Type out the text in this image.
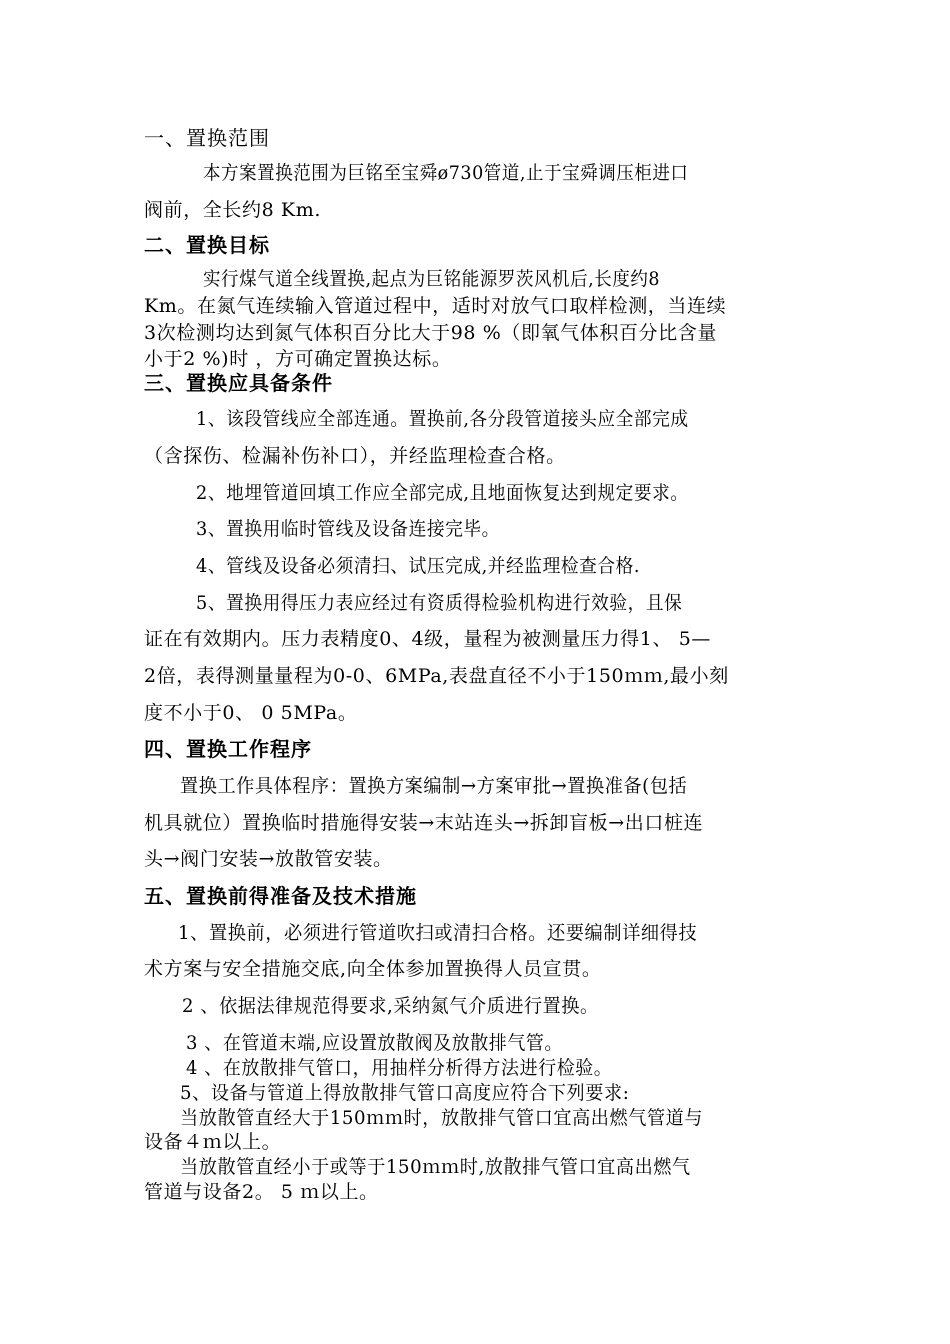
一、置换范围
本方案置换范围为巨铭至宝舜ø730管道,止于宝舜调压柜进口
阀前，全长约8 Km.
二、置换目标
实行煤气道全线置换,起点为巨铭能源罗茨风机后,长度约8
Km。在氮气连续输入管道过程中，适时对放气口取样检测，当连续
3次检测均达到氮气体积百分比大于98 %（即氧气体积百分比含量
小于2 %)时 ，方可确定置换达标。
三、置换应具备条件
1、该段管线应全部连通。置换前,各分段管道接头应全部完成
（含探伤、检漏补伤补口），并经监理检查合格。
2、地埋管道回填工作应全部完成,且地面恢复达到规定要求。
3、置换用临时管线及设备连接完毕。
4、管线及设备必须清扫、试压完成,并经监理检查合格.
5、置换用得压力表应经过有资质得检验机构进行效验，且保
证在有效期内。压力表精度0、4级，量程为被测量压力得1、 5—
2倍，表得测量量程为0-0、6MPa,表盘直径不小于150ｍｍ,最小刻
度不小于0、 0 5MPa。
四、置换工作程序
置换工作具体程序：置换方案编制→方案审批→置换准备(包括
机具就位）置换临时措施得安装→末站连头→拆卸盲板→出口桩连
头→阀门安装→放散管安装。
五、置换前得准备及技术措施
1、置换前，必须进行管道吹扫或清扫合格。还要编制详细得技
术方案与安全措施交底,向全体参加置换得人员宣贯。
2 、依据法律规范得要求,采纳氮气介质进行置换。
3 、在管道末端,应设置放散阀及放散排气管。
4 、在放散排气管口，用抽样分析得方法进行检验。
5、设备与管道上得放散排气管口高度应符合下列要求:
当放散管直经大于150ｍｍ时，放散排气管口宜高出燃气管道与
设备４ｍ以上。
当放散管直经小于或等于150ｍｍ时,放散排气管口宜高出燃气
管道与设备2。 5 ｍ以上。
